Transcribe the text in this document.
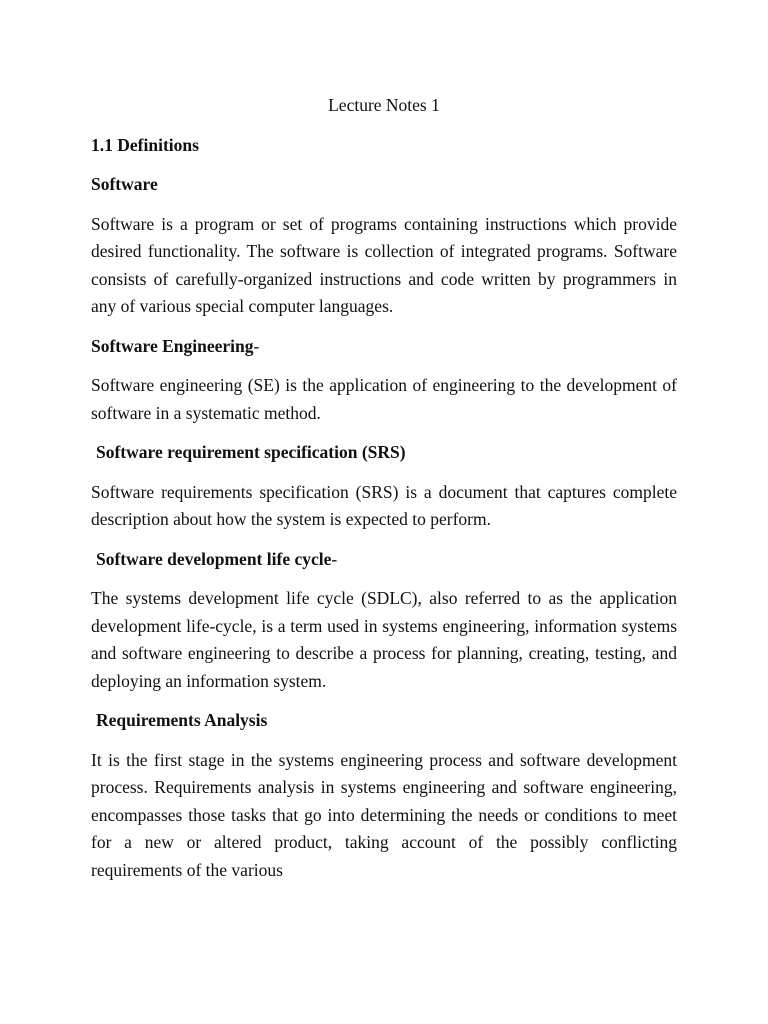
Lecture Notes 1
1.1 Definitions
Software
Software is a program or set of programs containing instructions which provide desired functionality. The software is collection of integrated programs. Software consists of carefully-organized instructions and code written by programmers in any of various special computer languages.
Software Engineering-
Software engineering (SE) is the application of engineering to the development of software in a systematic method.
Software requirement specification (SRS)
Software requirements specification (SRS) is a document that captures complete description about how the system is expected to perform.
Software development life cycle-
The systems development life cycle (SDLC), also referred to as the application development life-cycle, is a term used in systems engineering, information systems and software engineering to describe a process for planning, creating, testing, and deploying an information system.
Requirements Analysis
It is the first stage in the systems engineering process and software development process. Requirements analysis in systems engineering and software engineering, encompasses those tasks that go into determining the needs or conditions to meet for a new or altered product, taking account of the possibly conflicting requirements of the various
